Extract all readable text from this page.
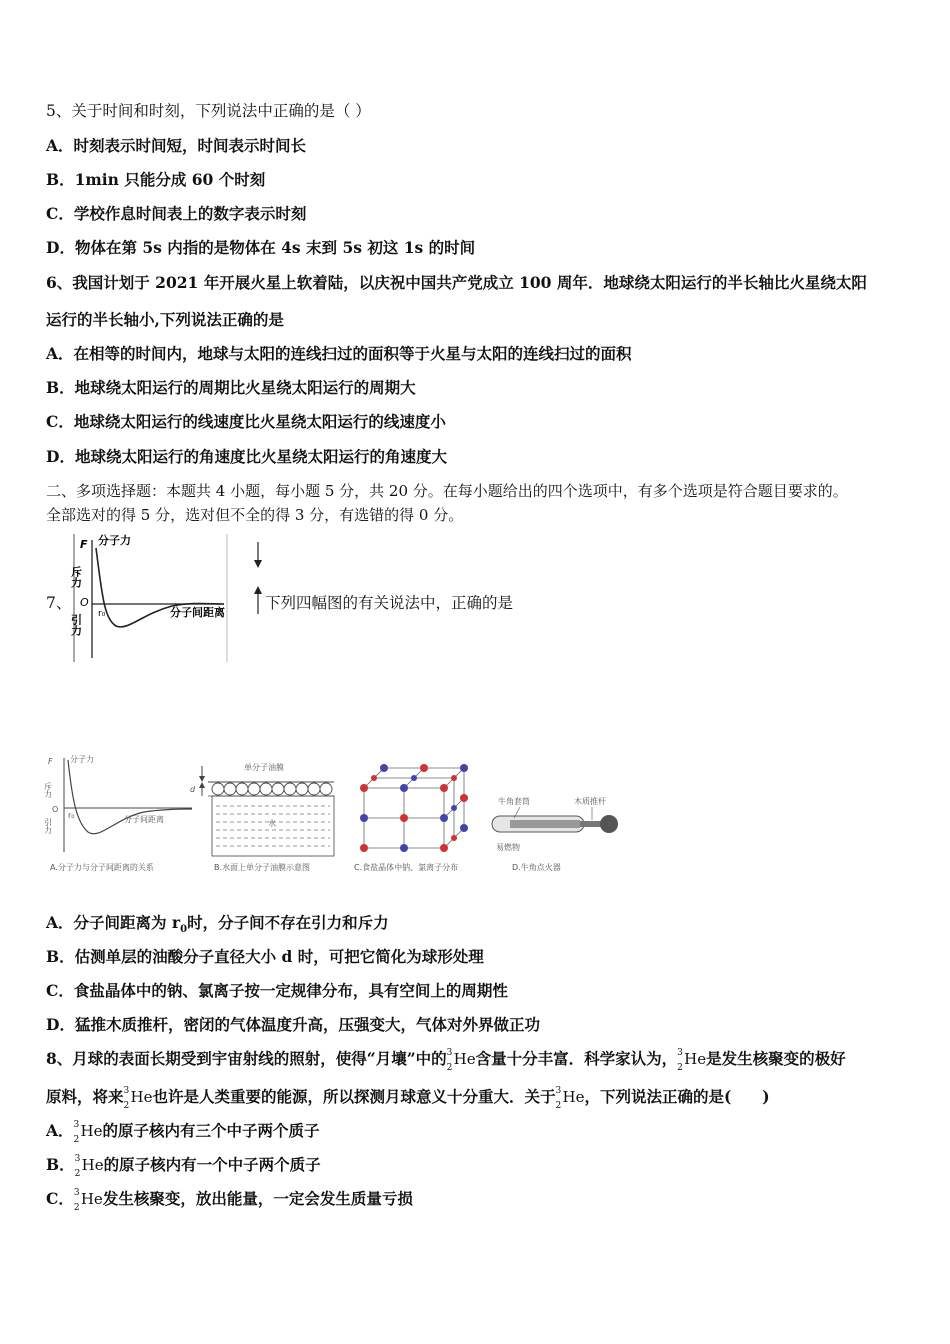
5、关于时间和时刻，下列说法中正确的是（ ）
A．时刻表示时间短，时间表示时间长
B．1min 只能分成 60 个时刻
C．学校作息时间表上的数字表示时刻
D．物体在第 5s 内指的是物体在 4s 末到 5s 初这 1s 的时间
6、我国计划于 2021 年开展火星上软着陆，以庆祝中国共产党成立 100 周年．地球绕太阳运行的半长轴比火星绕太阳
运行的半长轴小,下列说法正确的是
A．在相等的时间内，地球与太阳的连线扫过的面积等于火星与太阳的连线扫过的面积
B．地球绕太阳运行的周期比火星绕太阳运行的周期大
C．地球绕太阳运行的线速度比火星绕太阳运行的线速度小
D．地球绕太阳运行的角速度比火星绕太阳运行的角速度大
二、多项选择题：本题共 4 小题，每小题 5 分，共 20 分。在每小题给出的四个选项中，有多个选项是符合题目要求的。
全部选对的得 5 分，选对但不全的得 3 分，有选错的得 0 分。
7、
分子力
F
斥力
引力
O
r₀	分子间距离
下列四幅图的有关说法中，正确的是
F 分子力
斥力
引力
O
r₀	分子间距离
A.分子力与分子间距离的关系
d
单分子油膜
水
B.水面上单分子油膜示意图	C.食盐晶体中钠、氯离子分布
牛角套筒	木质推杆
易燃物
D.牛角点火器
A．分子间距离为 $r_0$时，分子间不存在引力和斥力
B．估测单层的油酸分子直径大小 d 时，可把它简化为球形处理
C．食盐晶体中的钠、氯离子按一定规律分布，具有空间上的周期性
D．猛推木质推杆，密闭的气体温度升高，压强变大，气体对外界做正功
8、月球的表面长期受到宇宙射线的照射，使得“月壤”中的 3
2 He含量十分丰富．科学家认为， 3
2 He是发生核聚变的极好
原料，将来 3
2 He也许是人类重要的能源，所以探测月球意义十分重大．关于 3
2 He，下列说法正确的是(　　)
A． 3
2 He的原子核内有三个中子两个质子
B． 3
2 He的原子核内有一个中子两个质子
C． 3
2 He发生核聚变，放出能量，一定会发生质量亏损
